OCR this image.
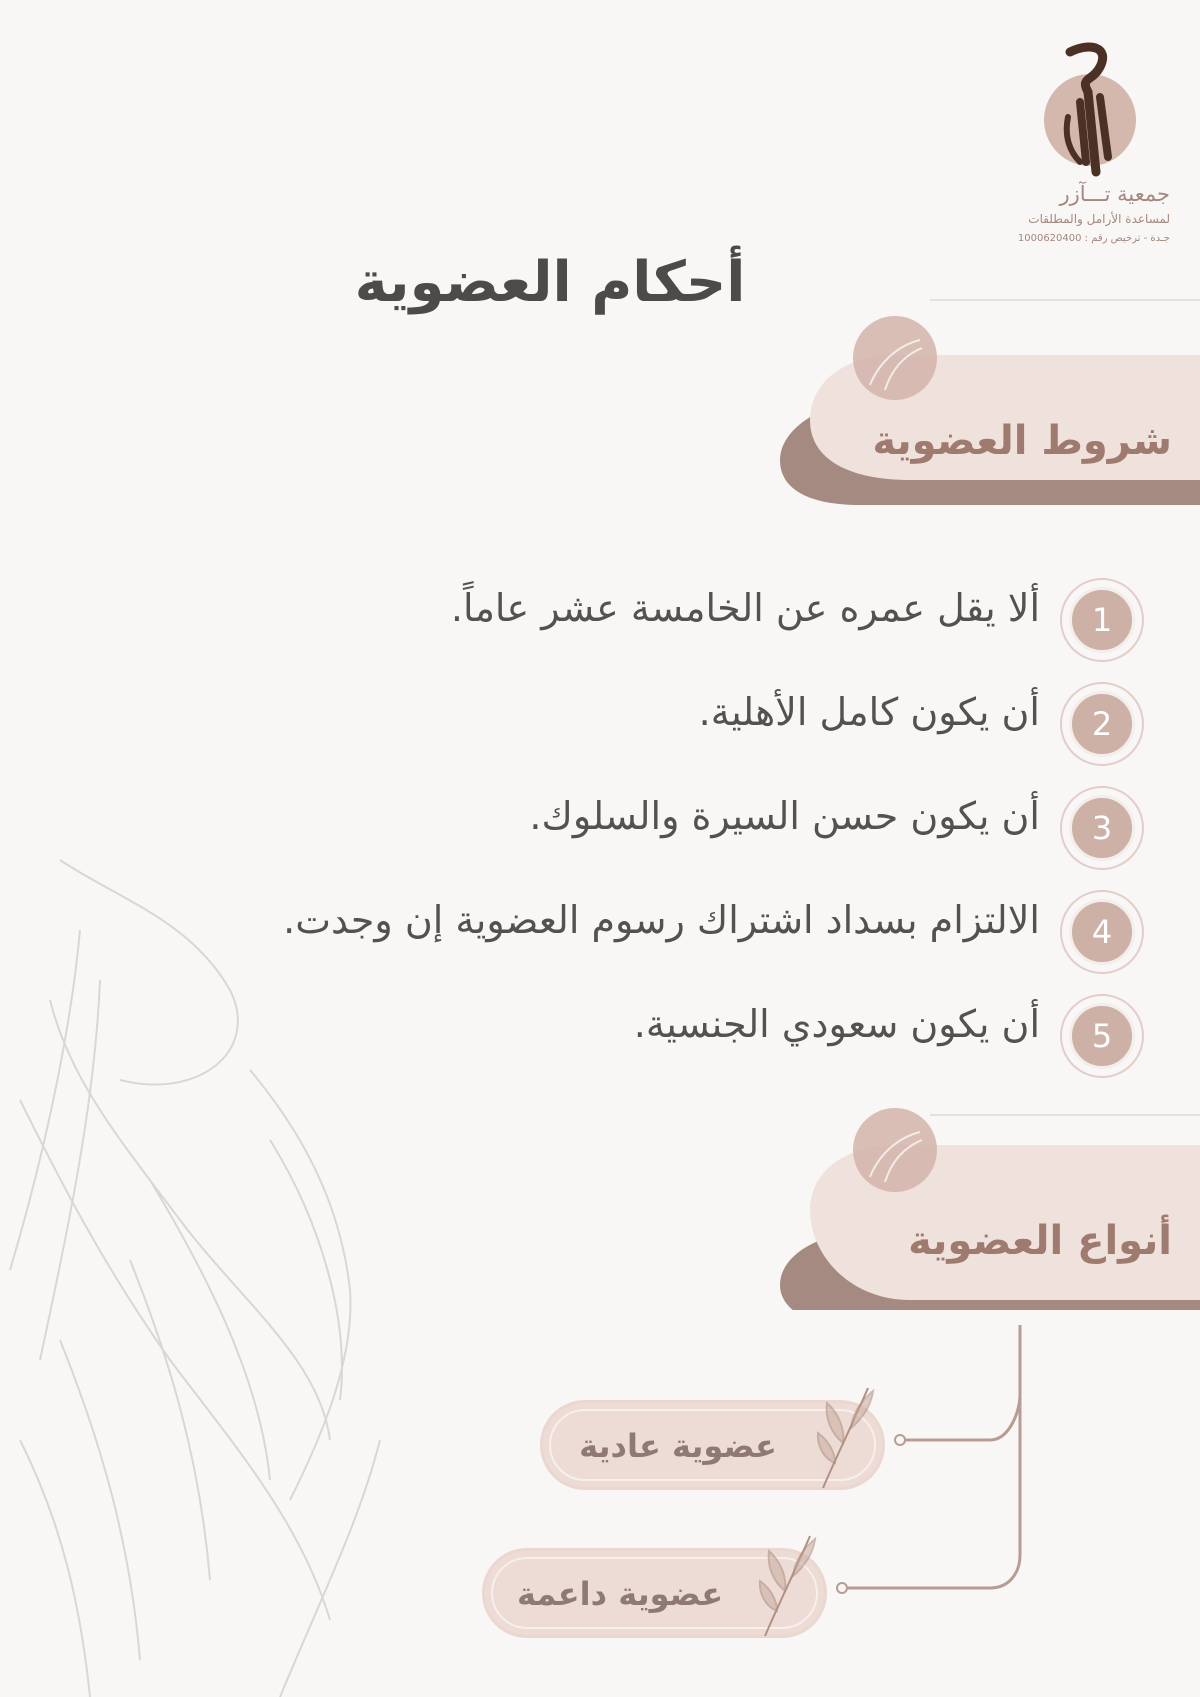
جمعية تـــآزر
لمساعدة الأرامل والمطلقات
جـدة - ترخيص رقم : 1000620400
أحكام العضوية
شروط العضوية
1
ألا يقل عمره عن الخامسة عشر عاماً.
2
أن يكون كامل الأهلية.
3
أن يكون حسن السيرة والسلوك.
4
الالتزام بسداد اشتراك رسوم العضوية إن وجدت.
5
أن يكون سعودي الجنسية.
أنواع العضوية
عضوية عادية
عضوية داعمة
